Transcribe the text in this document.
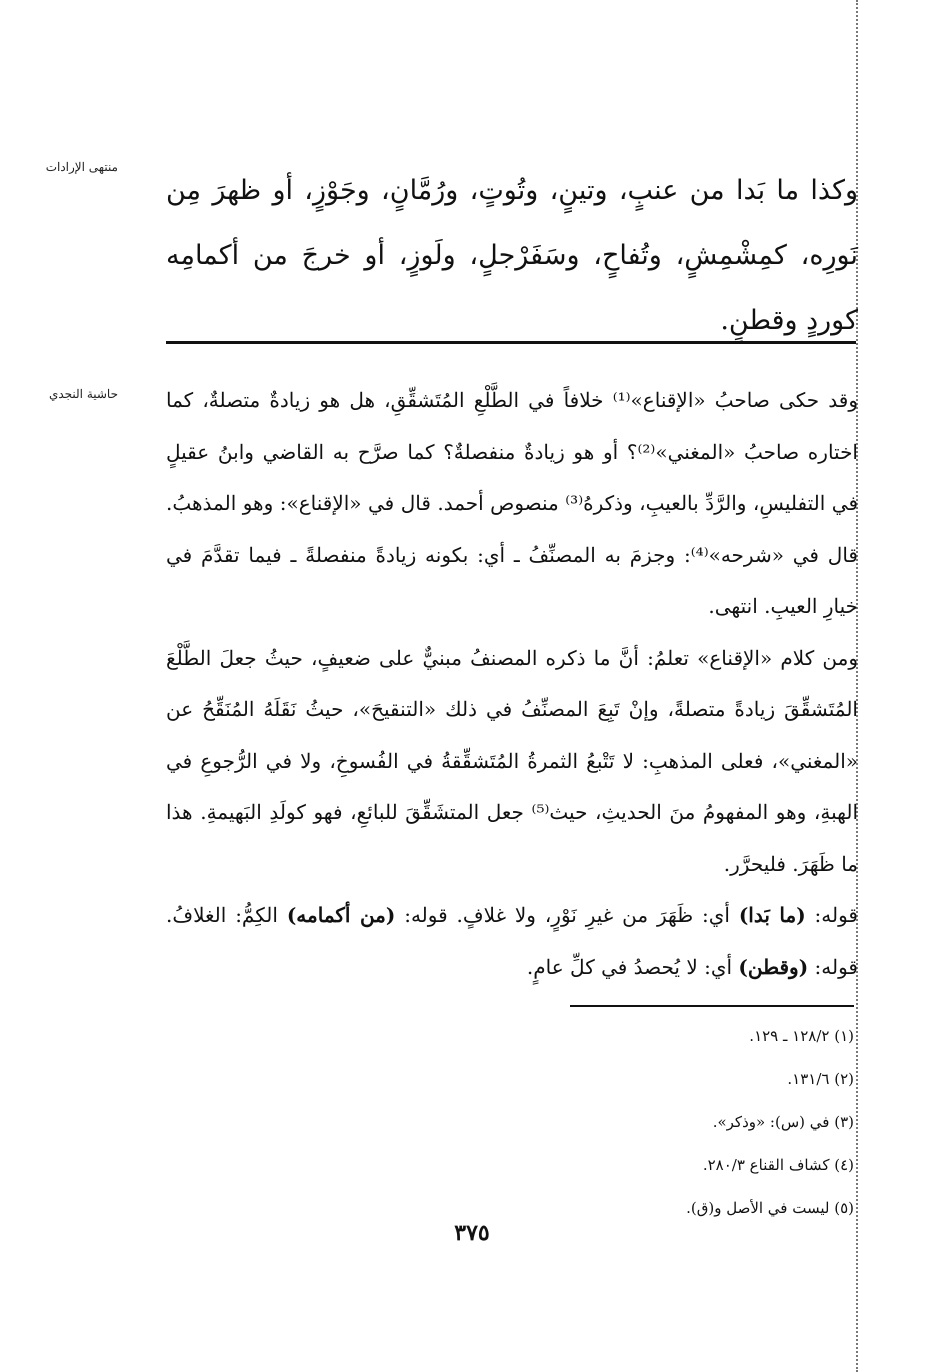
منتهى الإرادات
حاشية النجدي
وكذا ما بَدا من عنبٍ، وتينٍ، وتُوتٍ، ورُمَّانٍ، وجَوْزٍ، أو ظهرَ مِن نَورِه، كمِشْمِشٍ، وتُفاحٍ، وسَفَرْجلٍ، ولَوزٍ، أو خرجَ من أكمامِه كوردٍ وقطنٍ.

وقد حكى صاحبُ «الإقناع»⁽¹⁾ خلافاً في الطَّلْعِ المُتَشقِّقِ، هل هو زيادةٌ متصلةٌ، كما اختاره صاحبُ «المغني»⁽²⁾؟ أو هو زيادةٌ منفصلةٌ؟ كما صرَّح به القاضي وابنُ عقيلٍ في التفليسِ، والرَّدِّ بالعيبِ، وذكرهُ⁽³⁾ منصوص أحمد. قال في «الإقناع»: وهو المذهبُ. قال في «شرحه»⁽⁴⁾: وجزمَ به المصنِّفُ ـ أي: بكونه زيادةً منفصلةً ـ فيما تقدَّمَ في خيارِ العيبِ. انتهى.

ومن كلام «الإقناع» تعلمُ: أنَّ ما ذكره المصنفُ مبنيٌّ على ضعيفٍ، حيثُ جعلَ الطَّلْعَ المُتَشقِّقَ زيادةً متصلةً، وإنْ تَبِعَ المصنِّفُ في ذلك «التنقيحَ»، حيثُ نَقَلَهُ المُنَقِّحُ عن «المغني»، فعلى المذهبِ: لا تَتْبعُ الثمرةُ المُتَشقِّقةُ في الفُسوخِ، ولا في الرُّجوعِ في الهبةِ، وهو المفهومُ منَ الحديثِ، حيث⁽⁵⁾ جعل المتشَقِّقَ للبائعِ، فهو كولَدِ البَهيمةِ. هذا ما ظَهَرَ. فليحرَّر.

قوله: (ما بَدا) أي: ظَهَرَ من غيرِ نَوْرٍ، ولا غلافٍ. قوله: (من أكمامه) الكِمُّ: الغلافُ. قوله: (وقطن) أي: لا يُحصدُ في كلِّ عامٍ.

(١) ١٢٨/٢ ـ ١٢٩.
(٢) ١٣١/٦.
(٣) في (س): «وذكر».
(٤) كشاف القناع ٢٨٠/٣.
(٥) ليست في الأصل و(ق).
٣٧٥
